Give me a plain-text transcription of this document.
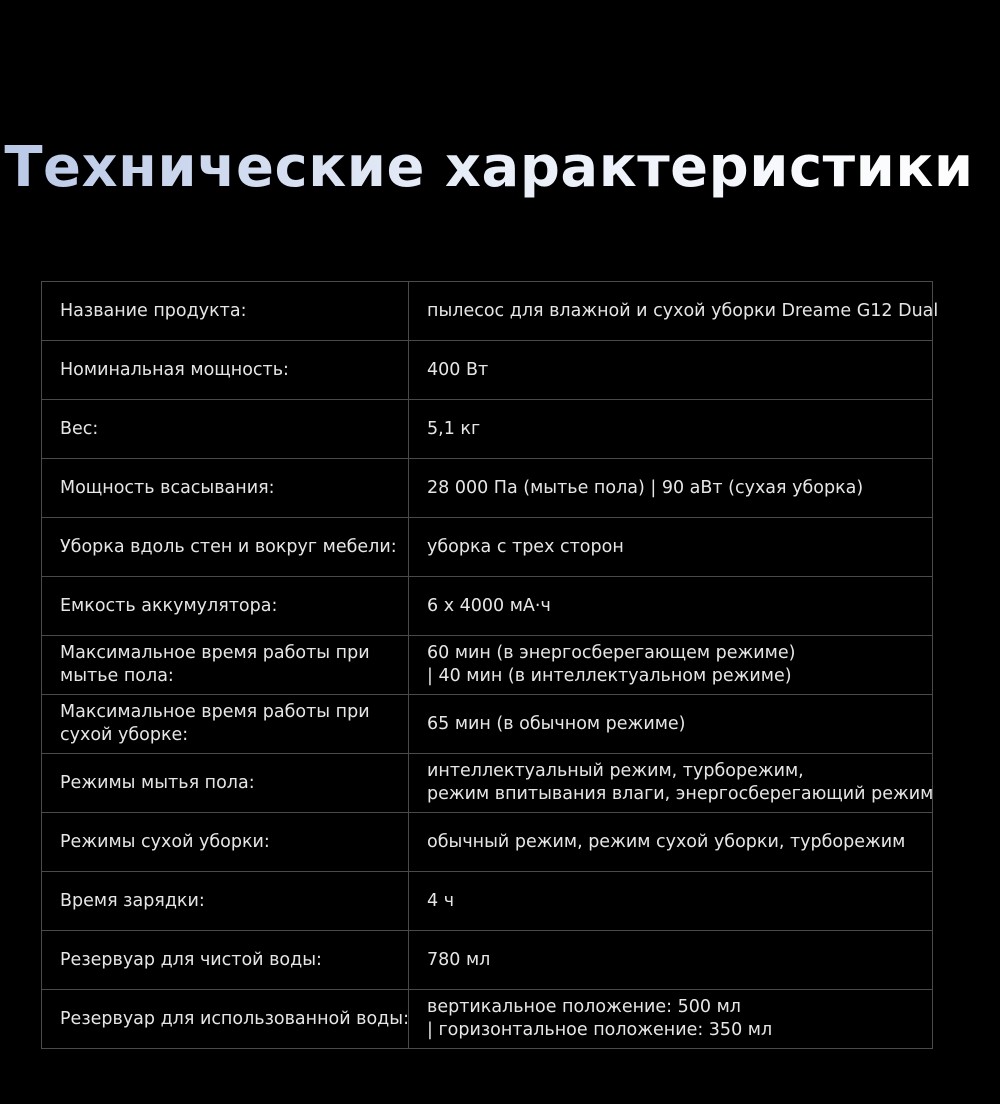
Технические характеристики
Название продукта:	пылесос для влажной и сухой уборки Dreame G12 Dual

Номинальная мощность:	400 Вт

Вес:	5,1 кг

Мощность всасывания:	28 000 Па (мытье пола) | 90 аВт (сухая уборка)

Уборка вдоль стен и вокруг мебели:	уборка с трех сторон

Емкость аккумулятора:	6 x 4000 мА·ч

Максимальное время работы при
мытье пола:	60 мин (в энергосберегающем режиме)
| 40 мин (в интеллектуальном режиме)

Максимальное время работы при
сухой уборке:	65 мин (в обычном режиме)

Режимы мытья пола:	интеллектуальный режим, турборежим,
режим впитывания влаги, энергосберегающий режим

Режимы сухой уборки:	обычный режим, режим сухой уборки, турборежим

Время зарядки:	4 ч

Резервуар для чистой воды:	780 мл

Резервуар для использованной воды:	вертикальное положение: 500 мл
| горизонтальное положение: 350 мл
